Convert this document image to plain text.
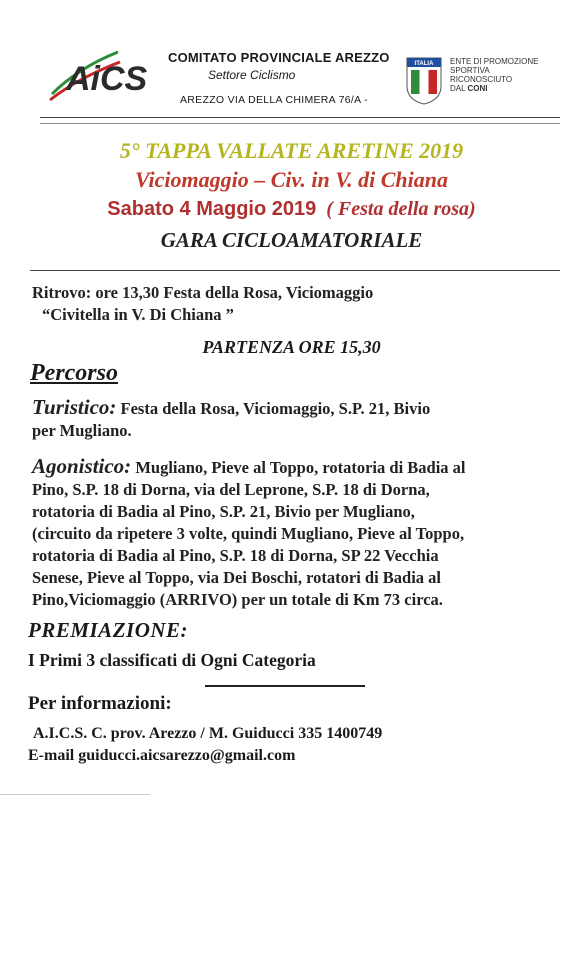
AiCS
COMITATO PROVINCIALE AREZZO
Settore Ciclismo
AREZZO VIA DELLA CHIMERA 76/A -
ITALIA ENTE DI PROMOZIONE
SPORTIVA
RICONOSCIUTO
DAL CONI
5° TAPPA VALLATE ARETINE 2019
Viciomaggio – Civ. in V. di Chiana
Sabato 4 Maggio 2019 ( Festa della rosa)
GARA CICLOAMATORIALE
Ritrovo: ore 13,30 Festa della Rosa, Viciomaggio
“Civitella in V. Di Chiana ”
PARTENZA ORE 15,30
Percorso
Turistico: Festa della Rosa, Viciomaggio, S.P. 21, Bivio
per Mugliano.
Agonistico: Mugliano, Pieve al Toppo, rotatoria di Badia al
Pino, S.P. 18 di Dorna, via del Leprone, S.P. 18 di Dorna,
rotatoria di Badia al Pino, S.P. 21, Bivio per Mugliano,
(circuito da ripetere 3 volte, quindi Mugliano, Pieve al Toppo,
rotatoria di Badia al Pino, S.P. 18 di Dorna, SP 22 Vecchia
Senese, Pieve al Toppo, via Dei Boschi, rotatori di Badia al
Pino,Viciomaggio (ARRIVO) per un totale di Km 73 circa.
PREMIAZIONE:
I Primi 3 classificati di Ogni Categoria
Per informazioni:
A.I.C.S. C. prov. Arezzo / M. Guiducci 335 1400749
E-mail guiducci.aicsarezzo@gmail.com
